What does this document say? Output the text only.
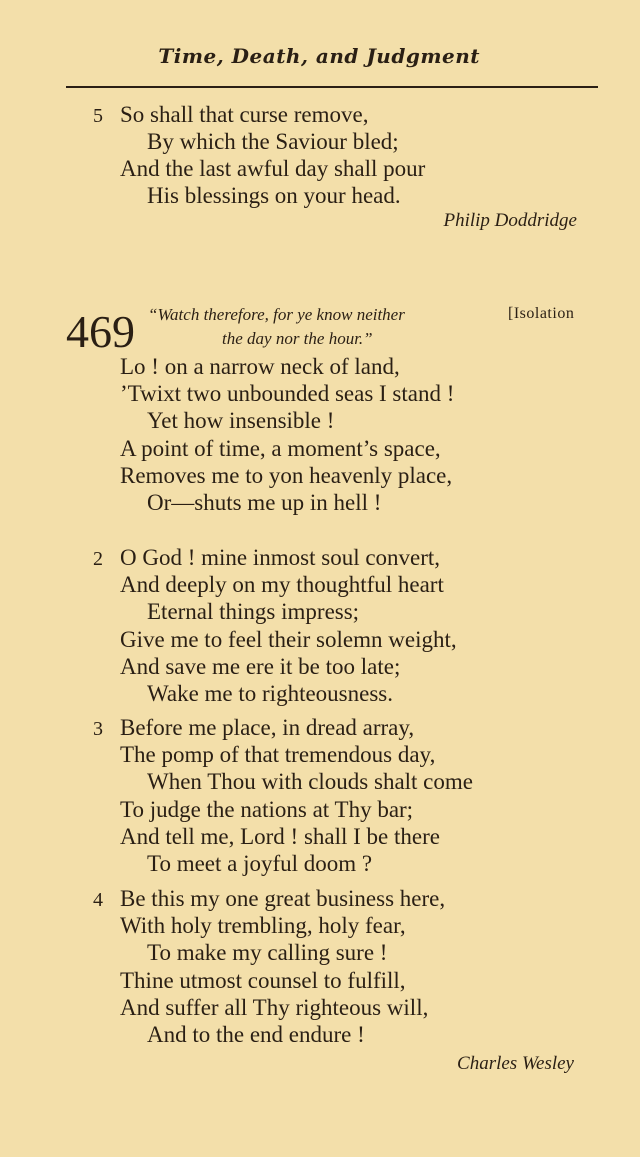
Time, Death, and Judgment
5 So shall that curse remove,
By which the Saviour bled;
And the last awful day shall pour
His blessings on your head.
Philip Doddridge
469 “Watch therefore, for ye know neither
the day nor the hour.”
[Isolation
Lo ! on a narrow neck of land,
’Twixt two unbounded seas I stand !
Yet how insensible !
A point of time, a moment’s space,
Removes me to yon heavenly place,
Or—shuts me up in hell !
2 O God ! mine inmost soul convert,
And deeply on my thoughtful heart
Eternal things impress;
Give me to feel their solemn weight,
And save me ere it be too late;
Wake me to righteousness.
3 Before me place, in dread array,
The pomp of that tremendous day,
When Thou with clouds shalt come
To judge the nations at Thy bar;
And tell me, Lord ! shall I be there
To meet a joyful doom ?
4 Be this my one great business here,
With holy trembling, holy fear,
To make my calling sure !
Thine utmost counsel to fulfill,
And suffer all Thy righteous will,
And to the end endure !
Charles Wesley
